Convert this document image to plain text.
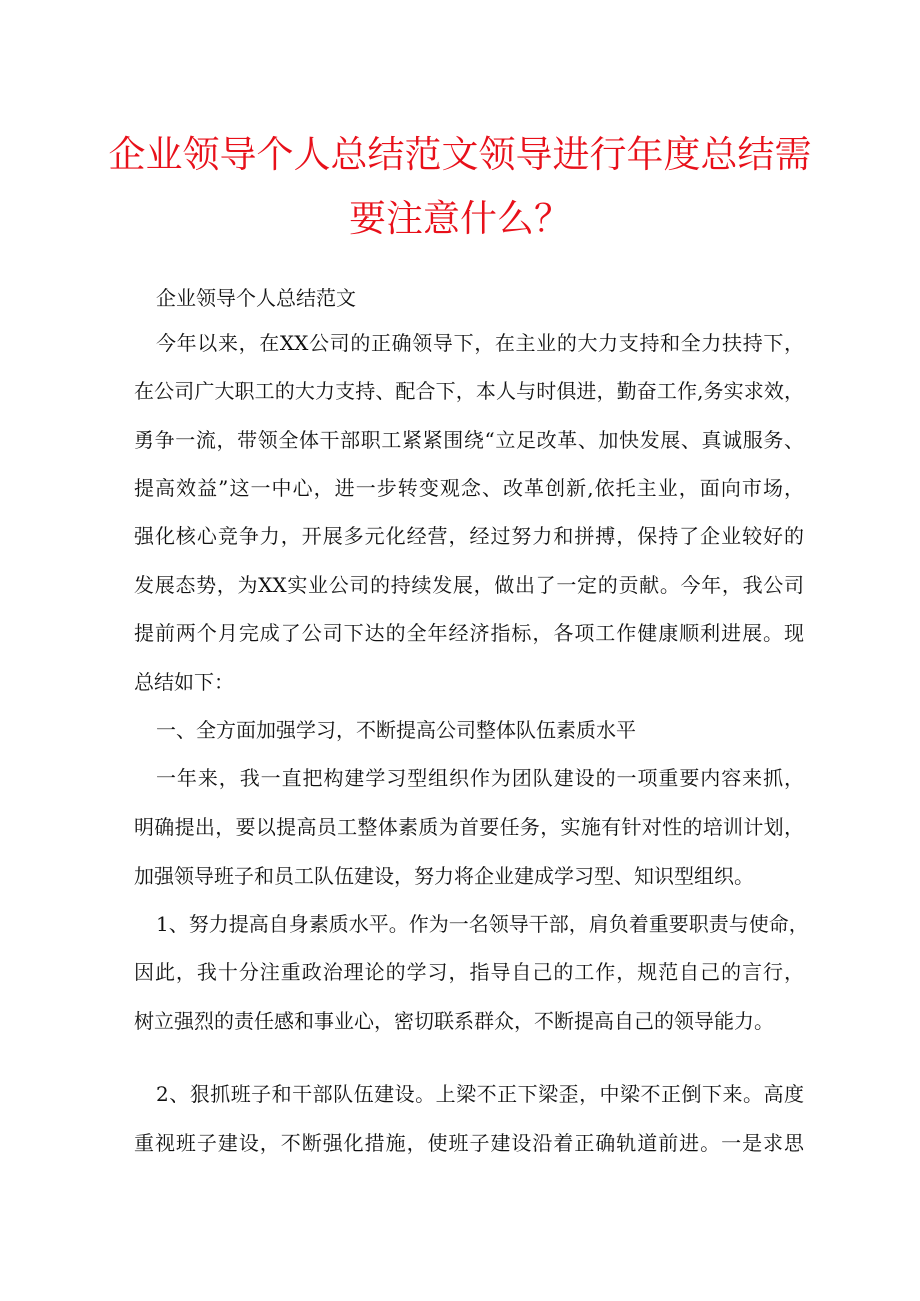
企业领导个人总结范文领导进行年度总结需
要注意什么？
企业领导个人总结范文
今年以来，在XX公司的正确领导下，在主业的大力支持和全力扶持下，
在公司广大职工的大力支持、配合下，本人与时俱进，勤奋工作,务实求效，
勇争一流，带领全体干部职工紧紧围绕“立足改革、加快发展、真诚服务、
提高效益”这一中心，进一步转变观念、改革创新,依托主业，面向市场，
强化核心竞争力，开展多元化经营，经过努力和拼搏，保持了企业较好的
发展态势，为XX实业公司的持续发展，做出了一定的贡献。今年，我公司
提前两个月完成了公司下达的全年经济指标，各项工作健康顺利进展。现
总结如下：
一、全方面加强学习，不断提高公司整体队伍素质水平
一年来，我一直把构建学习型组织作为团队建设的一项重要内容来抓，
明确提出，要以提高员工整体素质为首要任务，实施有针对性的培训计划，
加强领导班子和员工队伍建设，努力将企业建成学习型、知识型组织。
1、努力提高自身素质水平。作为一名领导干部，肩负着重要职责与使命，
因此，我十分注重政治理论的学习，指导自己的工作，规范自己的言行，
树立强烈的责任感和事业心，密切联系群众，不断提高自己的领导能力。
2、狠抓班子和干部队伍建设。上梁不正下梁歪，中梁不正倒下来。高度
重视班子建设，不断强化措施，使班子建设沿着正确轨道前进。一是求思
